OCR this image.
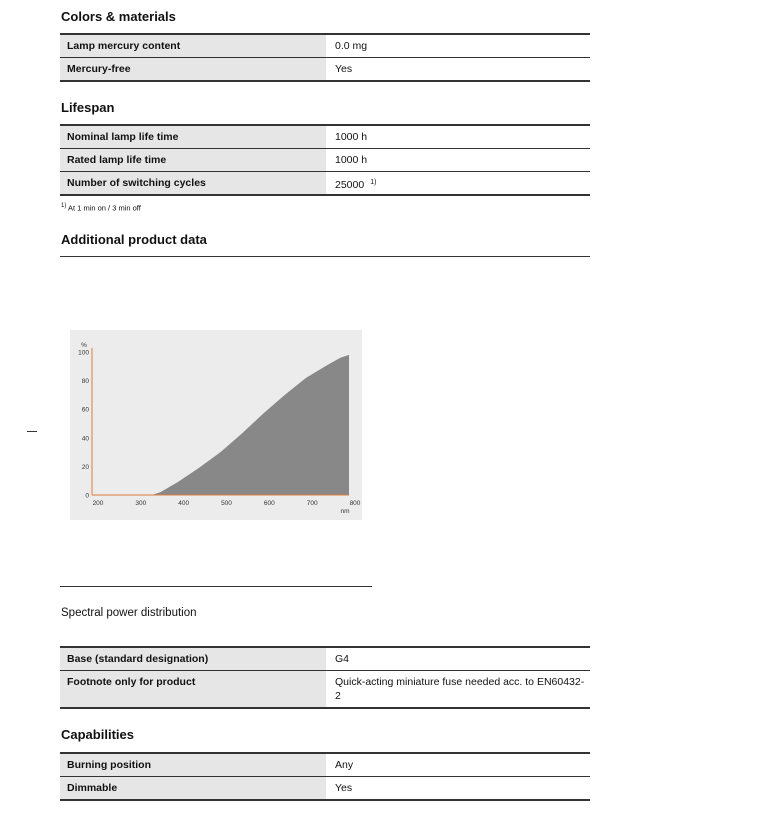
Colors & materials
Lamp mercury content	0.0 mg
Mercury-free	Yes
Lifespan
Nominal lamp life time	1000 h
Rated lamp life time	1000 h
Number of switching cycles	25000 $^{1)}$
$^{1)}$ At 1 min on / 3 min off
Additional product data
0
20
40
60
80
100
%
200	300	400	500	600	700	800
nm
Spectral power distribution
Base (standard designation)	G4
Footnote only for product	Quick-acting miniature fuse needed acc. to EN60432-2
Capabilities
Burning position	Any
Dimmable	Yes
